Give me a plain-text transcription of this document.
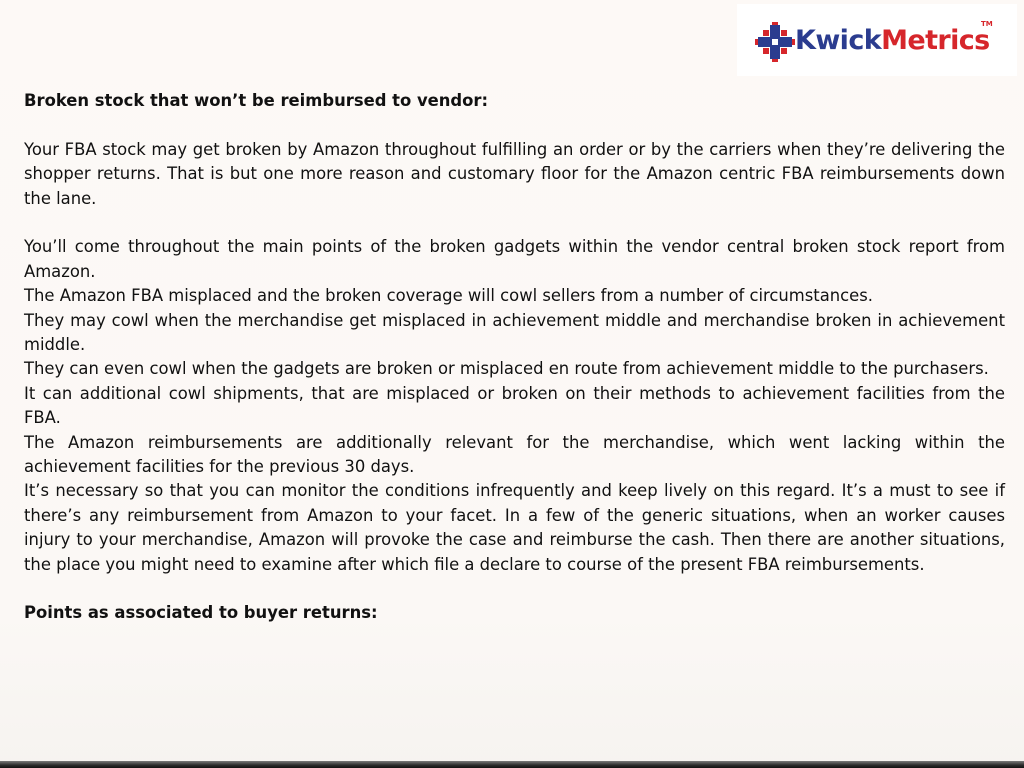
KwickMetrics
TM

Broken stock that won’t be reimbursed to vendor:

Your FBA stock may get broken by Amazon throughout fulfilling an order or by the carriers when they’re delivering the shopper returns. That is but one more reason and customary floor for the Amazon centric FBA reimbursements down the lane.

You’ll come throughout the main points of the broken gadgets within the vendor central broken stock report from Amazon.

The Amazon FBA misplaced and the broken coverage will cowl sellers from a number of circumstances.

They may cowl when the merchandise get misplaced in achievement middle and merchandise broken in achievement middle.

They can even cowl when the gadgets are broken or misplaced en route from achievement middle to the purchasers.

It can additional cowl shipments, that are misplaced or broken on their methods to achievement facilities from the FBA.

The Amazon reimbursements are additionally relevant for the merchandise, which went lacking within the achievement facilities for the previous 30 days.

It’s necessary so that you can monitor the conditions infrequently and keep lively on this regard. It’s a must to see if there’s any reimbursement from Amazon to your facet. In a few of the generic situations, when an worker causes injury to your merchandise, Amazon will provoke the case and reimburse the cash. Then there are another situations, the place you might need to examine after which file a declare to course of the present FBA reimbursements.

Points as associated to buyer returns:
